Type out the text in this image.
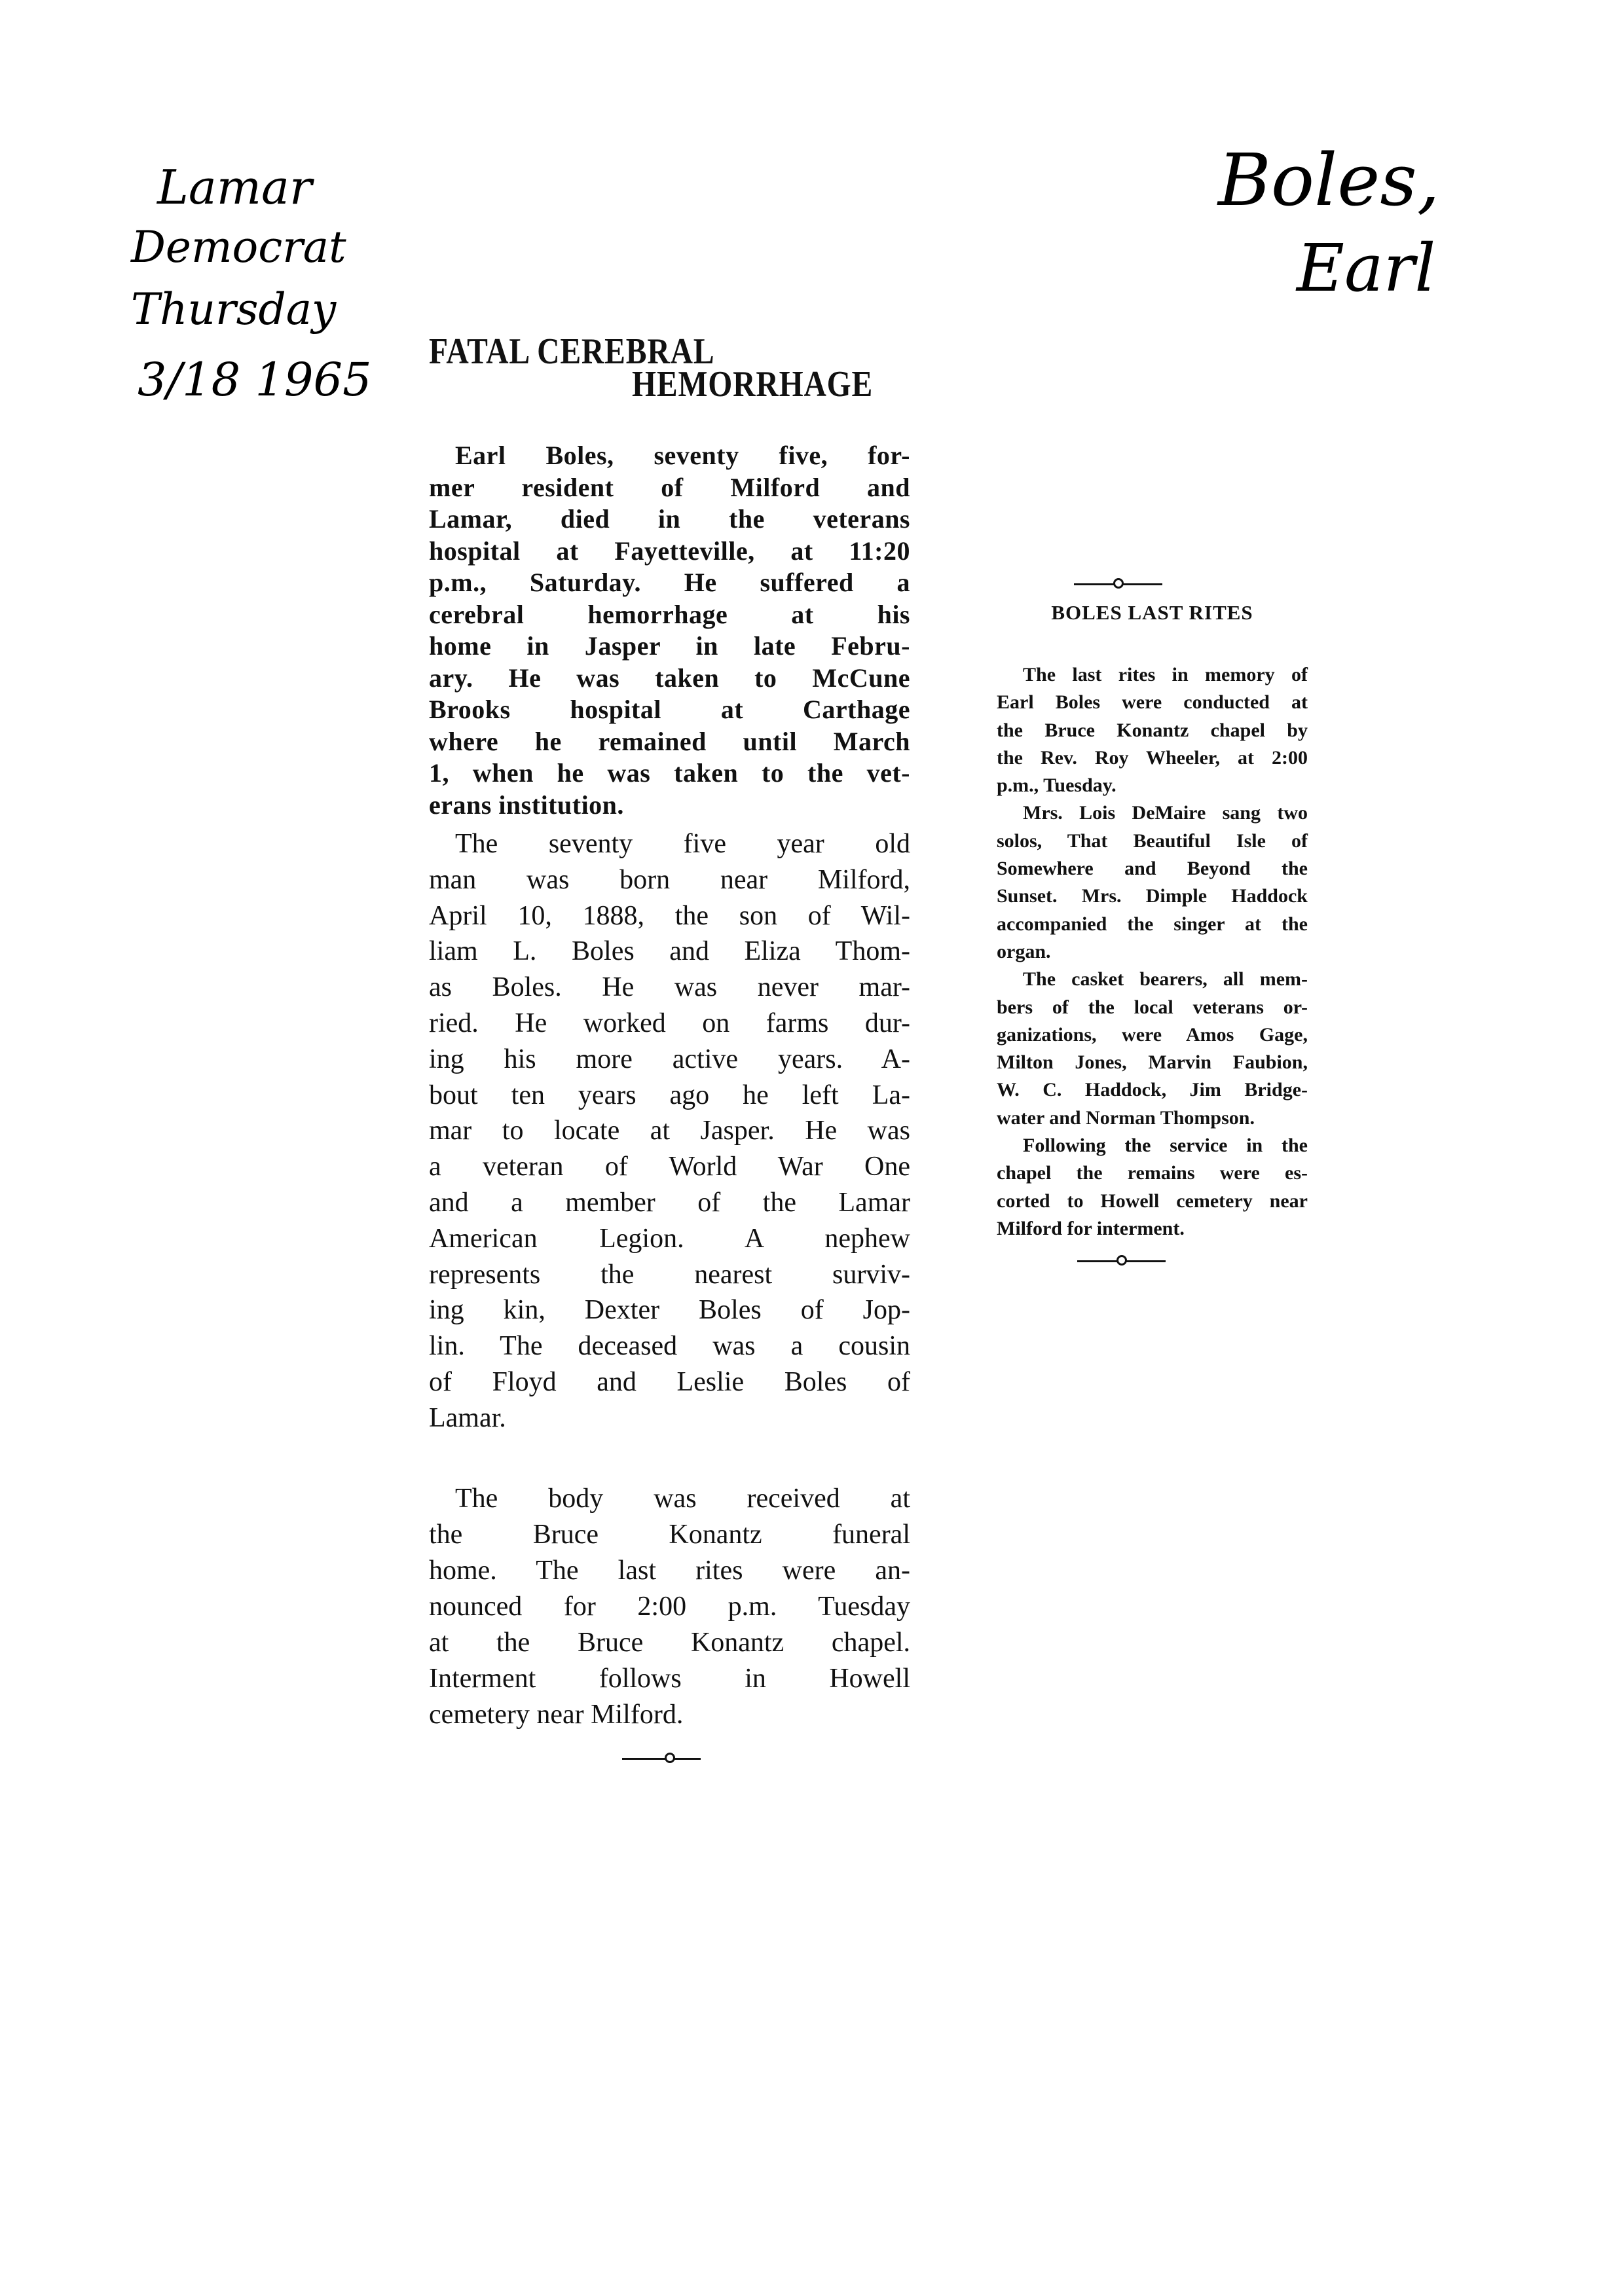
Lamar
Democrat
Thursday
3/18 1965
Boles,
Earl
FATAL CEREBRAL
HEMORRHAGE
Earl Boles, seventy five, for-
mer resident of Milford and
Lamar, died in the veterans
hospital at Fayetteville, at 11:20
p.m., Saturday. He suffered a
cerebral hemorrhage at his
home in Jasper in late Febru-
ary. He was taken to McCune
Brooks hospital at Carthage
where he remained until March
1, when he was taken to the vet-
erans institution.
The seventy five year old
man was born near Milford,
April 10, 1888, the son of Wil-
liam L. Boles and Eliza Thom-
as Boles. He was never mar-
ried. He worked on farms dur-
ing his more active years. A-
bout ten years ago he left La-
mar to locate at Jasper. He was
a veteran of World War One
and a member of the Lamar
American Legion. A nephew
represents the nearest surviv-
ing kin, Dexter Boles of Jop-
lin. The deceased was a cousin
of Floyd and Leslie Boles of
Lamar.
The body was received at
the Bruce Konantz funeral
home. The last rites were an-
nounced for 2:00 p.m. Tuesday
at the Bruce Konantz chapel.
Interment follows in Howell
cemetery near Milford.
BOLES LAST RITES
The last rites in memory of
Earl Boles were conducted at
the Bruce Konantz chapel by
the Rev. Roy Wheeler, at 2:00
p.m., Tuesday.
Mrs. Lois DeMaire sang two
solos, That Beautiful Isle of
Somewhere and Beyond the
Sunset. Mrs. Dimple Haddock
accompanied the singer at the
organ.
The casket bearers, all mem-
bers of the local veterans or-
ganizations, were Amos Gage,
Milton Jones, Marvin Faubion,
W. C. Haddock, Jim Bridge-
water and Norman Thompson.
Following the service in the
chapel the remains were es-
corted to Howell cemetery near
Milford for interment.
